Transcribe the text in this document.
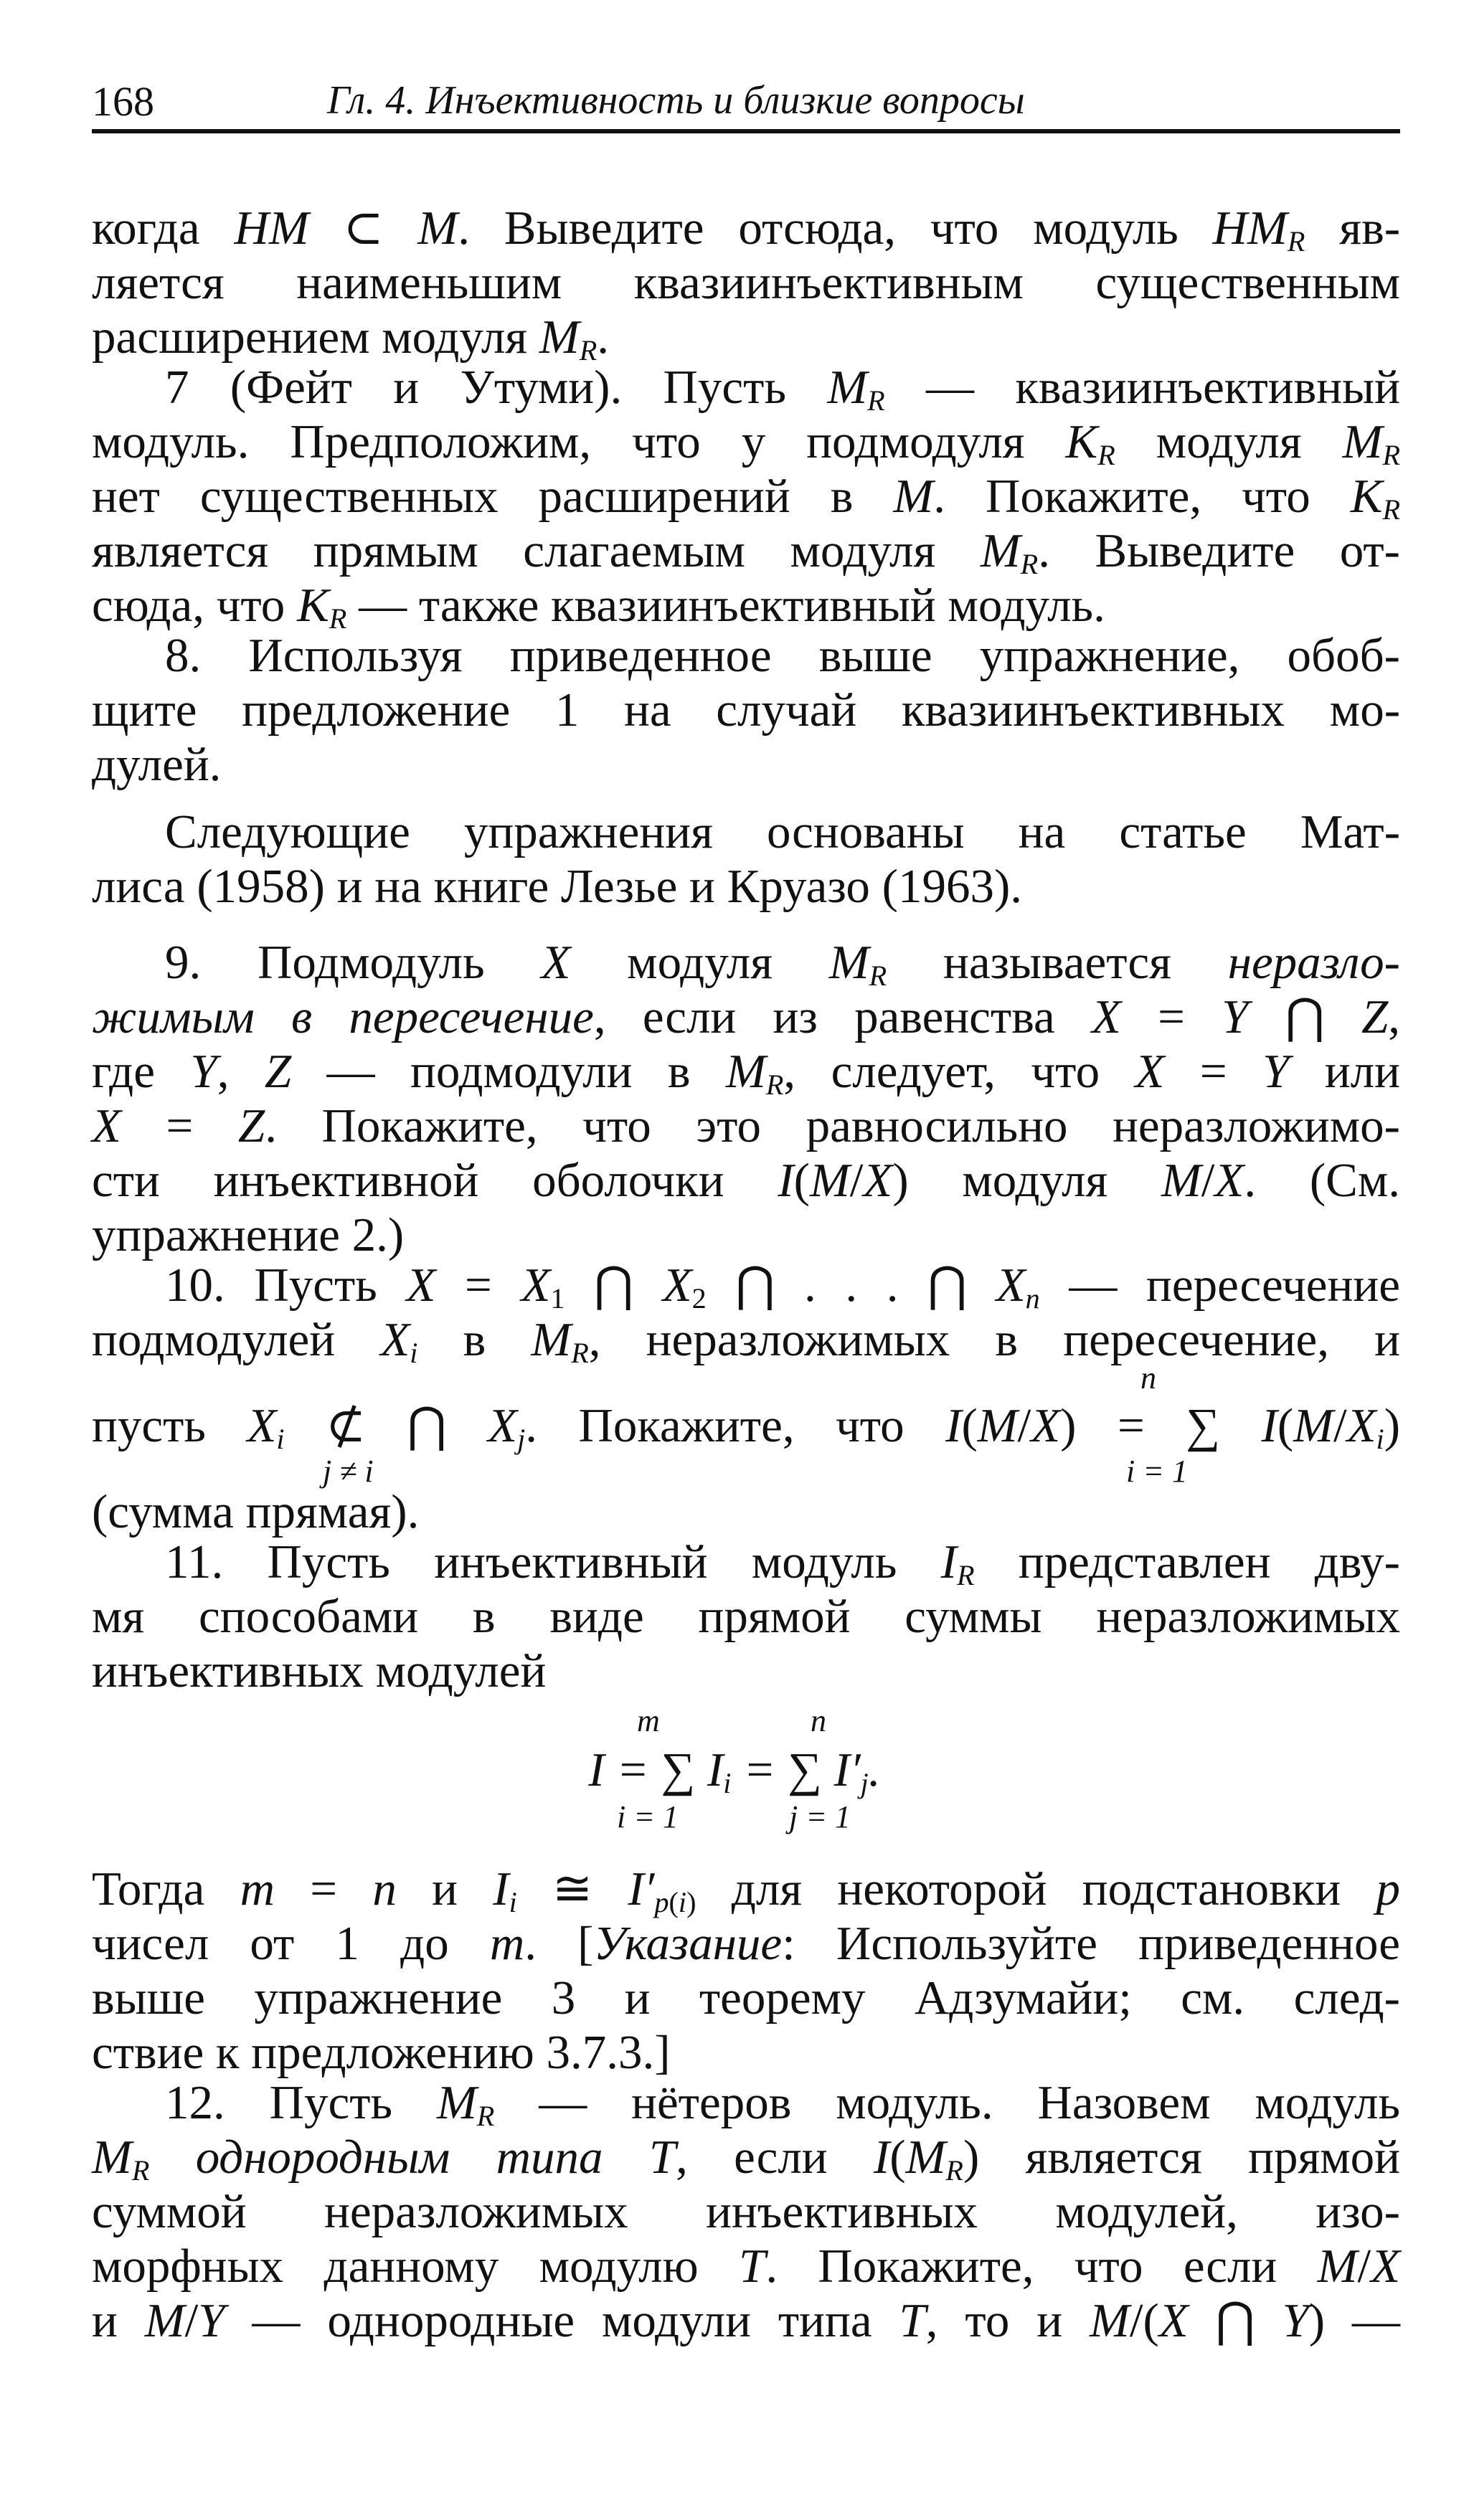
168	Гл. 4. Инъективность и близкие вопросы

когда HM ⊂ M. Выведите отсюда, что модуль $HM_R$ яв-

ляется наименьшим квазиинъективным существенным

расширением модуля $M_R$.

7 (Фейт и Утуми). Пусть $M_R$ — квазиинъективный

модуль. Предположим, что у подмодуля $K_R$ модуля $M_R$

нет существенных расширений в M. Покажите, что $K_R$

является прямым слагаемым модуля $M_R$. Выведите от-

сюда, что $K_R$ — также квазиинъективный модуль.

8. Используя приведенное выше упражнение, обоб-

щите предложение 1 на случай квазиинъективных мо-

дулей.

Следующие упражнения основаны на статье Мат-

лиса (1958) и на книге Лезье и Круазо (1963).

9. Подмодуль X модуля $M_R$ называется неразло-

жимым в пересечение, если из равенства X = Y ⋂ Z,

где Y, Z — подмодули в $M_R$, следует, что X = Y или

X = Z. Покажите, что это равносильно неразложимо-

сти инъективной оболочки I(M/X) модуля M/X. (См.

упражнение 2.)

10. Пусть $X = X_1$ ⋂ $X_2$ ⋂ . . . ⋂ $X_n$ — пересечение

подмодулей $X_i$ в $M_R$, неразложимых в пересечение, и

n

пусть $X_i$ ⊄ ⋂ $X_j$. Покажите, что I(M/X) = ∑ $I(M/X_i)$

j ≠ i	i = 1

(сумма прямая).

11. Пусть инъективный модуль $I_R$ представлен дву-

мя способами в виде прямой суммы неразложимых

инъективных модулей

m	n
I = ∑ $I_i$ = ∑ $I'_j$.
i = 1	j = 1

Тогда m = n и $I_i$ ≅ $I'_{p(i)}$ для некоторой подстановки p

чисел от 1 до m. [Указание: Используйте приведенное

выше упражнение 3 и теорему Адзумайи; см. след-

ствие к предложению 3.7.3.]

12. Пусть $M_R$ — нётеров модуль. Назовем модуль

$M_R$ однородным типа T, если $I(M_R)$ является прямой

суммой неразложимых инъективных модулей, изо-

морфных данному модулю T. Покажите, что если M/X

и M/Y — однородные модули типа T, то и M/(X ⋂ Y) —
